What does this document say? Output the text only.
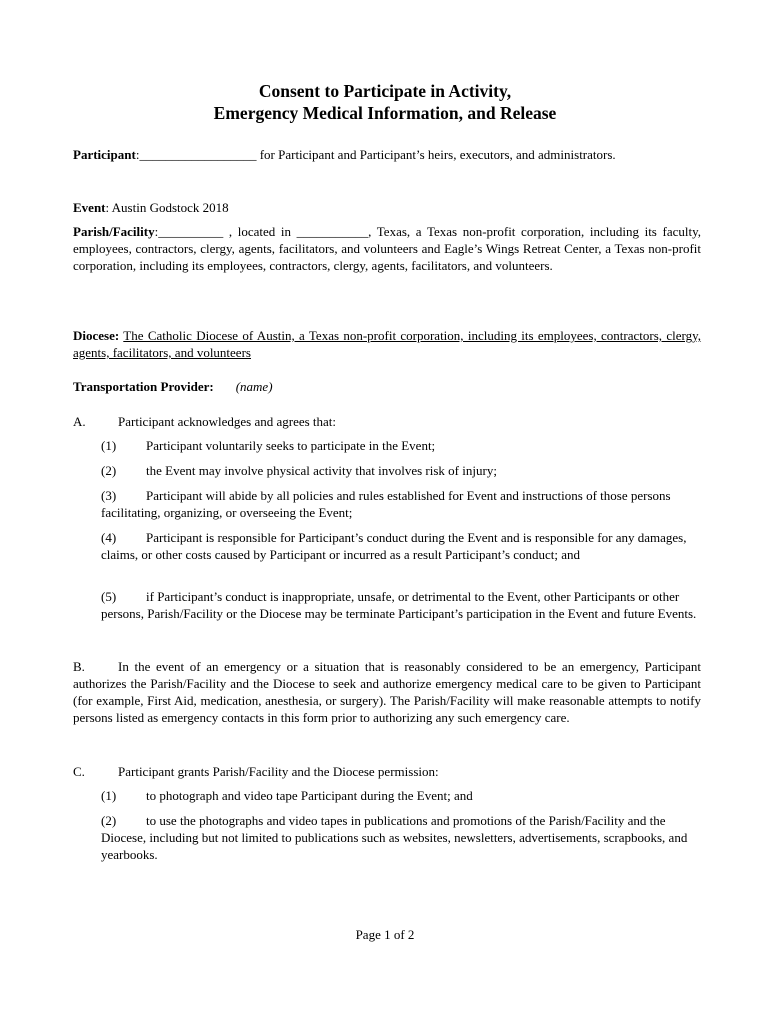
Consent to Participate in Activity,
Emergency Medical Information, and Release
Participant:__________________ for Participant and Participant’s heirs, executors, and administrators.
Event: Austin Godstock 2018
Parish/Facility:__________ , located in ___________, Texas, a Texas non-profit corporation, including its faculty, employees, contractors, clergy, agents, facilitators, and volunteers and Eagle’s Wings Retreat Center, a Texas non-profit corporation, including its employees, contractors, clergy, agents, facilitators, and volunteers.
Diocese: The Catholic Diocese of Austin, a Texas non-profit corporation, including its employees, contractors, clergy, agents, facilitators, and volunteers
Transportation Provider: (name)
A. Participant acknowledges and agrees that:
(1) Participant voluntarily seeks to participate in the Event;
(2) the Event may involve physical activity that involves risk of injury;
(3) Participant will abide by all policies and rules established for Event and instructions of those persons facilitating, organizing, or overseeing the Event;
(4) Participant is responsible for Participant’s conduct during the Event and is responsible for any damages, claims, or other costs caused by Participant or incurred as a result Participant’s conduct; and
(5) if Participant’s conduct is inappropriate, unsafe, or detrimental to the Event, other Participants or other persons, Parish/Facility or the Diocese may be terminate Participant’s participation in the Event and future Events.
B.	In the event of an emergency or a situation that is reasonably considered to be an emergency, Participant authorizes the Parish/Facility and the Diocese to seek and authorize emergency medical care to be given to Participant (for example, First Aid, medication, anesthesia, or surgery). The Parish/Facility will make reasonable attempts to notify persons listed as emergency contacts in this form prior to authorizing any such emergency care.
C.	Participant grants Parish/Facility and the Diocese permission:
(1) to photograph and video tape Participant during the Event; and
(2) to use the photographs and video tapes in publications and promotions of the Parish/Facility and the Diocese, including but not limited to publications such as websites, newsletters, advertisements, scrapbooks, and yearbooks.
Page 1 of 2
